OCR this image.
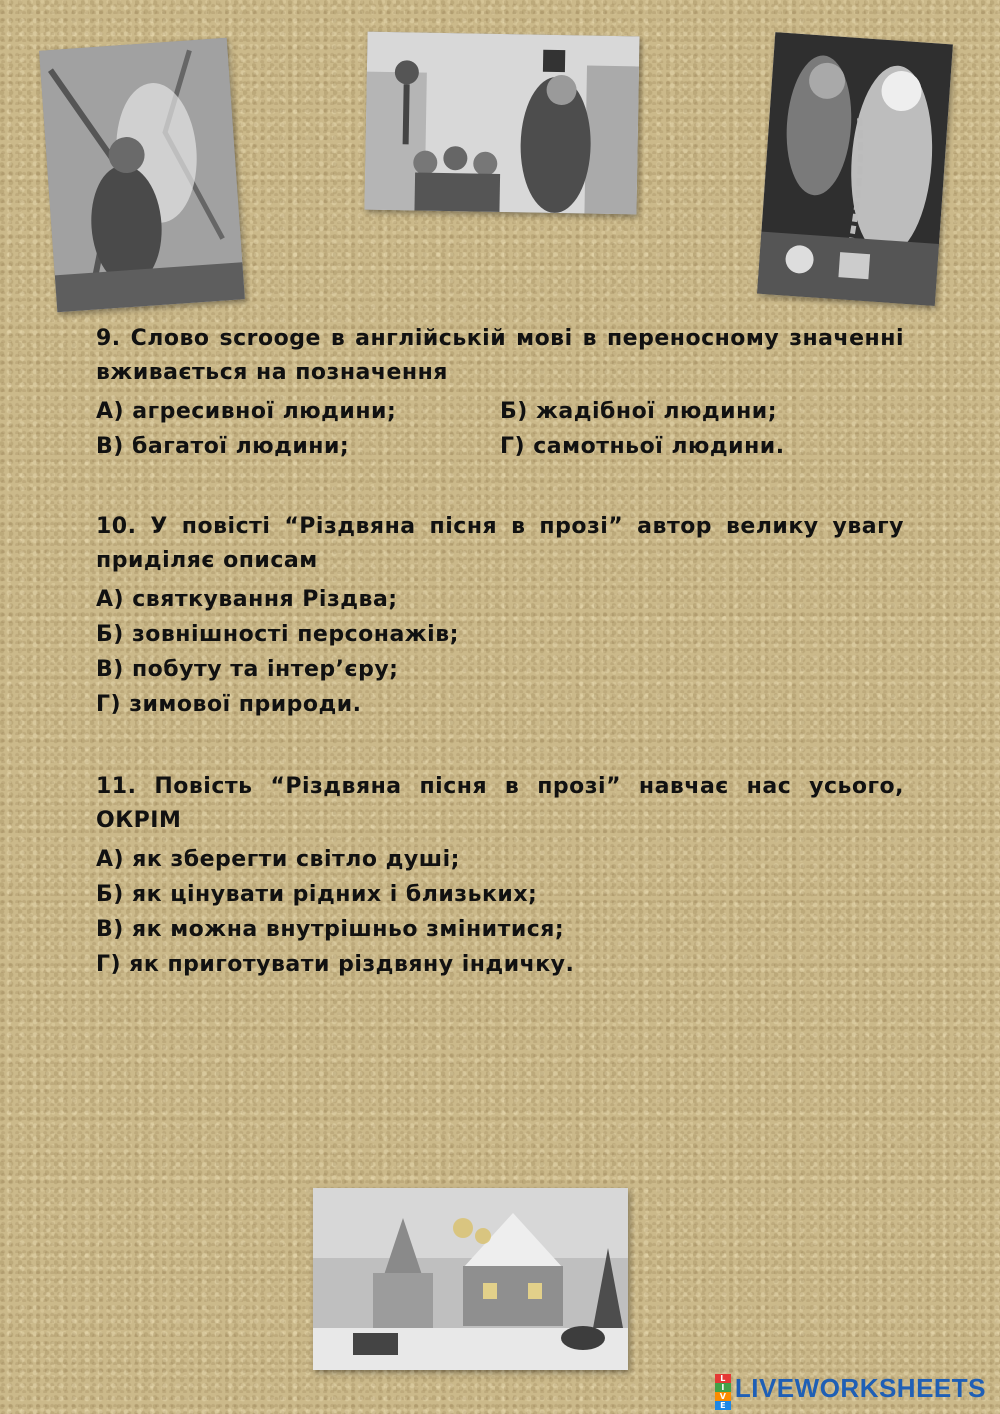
9. Слово scrooge в англійській мові в переносному значенні вживається на позначення
А) агресивної людини;	Б) жадібної людини;
В) багатої людини;	Г) самотньої людини.
10. У повісті “Різдвяна пісня в прозі” автор велику увагу приділяє описам
А) святкування Різдва;
Б) зовнішності персонажів;
В) побуту та інтер’єру;
Г) зимової природи.
11. Повість “Різдвяна пісня в прозі” навчає нас усього, ОКРІМ
А) як зберегти світло душі;
Б) як цінувати рідних і близьких;
В) як можна внутрішньо змінитися;
Г) як приготувати різдвяну індичку.
L
I
V
E
LIVEWORKSHEETS
